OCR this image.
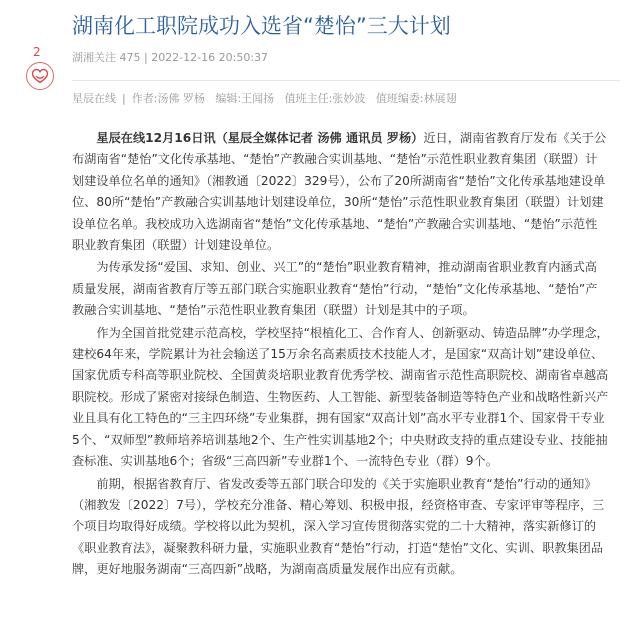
湖南化工职院成功入选省“楚怡”三大计划
2	湖湘关注 475 | 2022-12-16 20:50:37
星辰在线 | 作者:汤佛 罗杨 编辑:王闻扬 值班主任:张妙波 值班编委:林展翅

星辰在线12月16日讯（星辰全媒体记者 汤佛 通讯员 罗杨）近日，湖南省教育厅发布《关于公布湖南省“楚怡”文化传承基地、“楚怡”产教融合实训基地、“楚怡”示范性职业教育集团（联盟）计划建设单位名单的通知》（湘教通〔2022〕329号），公布了20所湖南省“楚怡”文化传承基地建设单位、80所“楚怡”产教融合实训基地计划建设单位，30所“楚怡”示范性职业教育集团（联盟）计划建设单位名单。我校成功入选湖南省“楚怡”文化传承基地、“楚怡”产教融合实训基地、“楚怡”示范性职业教育集团（联盟）计划建设单位。

为传承发扬“爱国、求知、创业、兴工”的“楚怡”职业教育精神，推动湖南省职业教育内涵式高质量发展，湖南省教育厅等五部门联合实施职业教育“楚怡”行动，“楚怡”文化传承基地、“楚怡”产教融合实训基地、“楚怡”示范性职业教育集团（联盟）计划是其中的子项。

作为全国首批党建示范高校，学校坚持“根植化工、合作育人、创新驱动、铸造品牌”办学理念，建校64年来，学院累计为社会输送了15万余名高素质技术技能人才，是国家“双高计划”建设单位、国家优质专科高等职业院校、全国黄炎培职业教育优秀学校、湖南省示范性高职院校、湖南省卓越高职院校。形成了紧密对接绿色制造、生物医药、人工智能、新型装备制造等特色产业和战略性新兴产业且具有化工特色的“三主四环绕”专业集群，拥有国家“双高计划”高水平专业群1个、国家骨干专业5个、“双师型”教师培养培训基地2个、生产性实训基地2个；中央财政支持的重点建设专业、技能抽查标准、实训基地6个；省级“三高四新”专业群1个、一流特色专业（群）9个。

前期，根据省教育厅、省发改委等五部门联合印发的《关于实施职业教育“楚怡”行动的通知》（湘教发〔2022〕7号），学校充分准备、精心筹划、积极申报，经资格审查、专家评审等程序，三个项目均取得好成绩。学校将以此为契机，深入学习宣传贯彻落实党的二十大精神，落实新修订的《职业教育法》，凝聚教科研力量，实施职业教育“楚怡”行动，打造“楚怡”文化、实训、职教集团品牌，更好地服务湖南“三高四新”战略，为湖南高质量发展作出应有贡献。
